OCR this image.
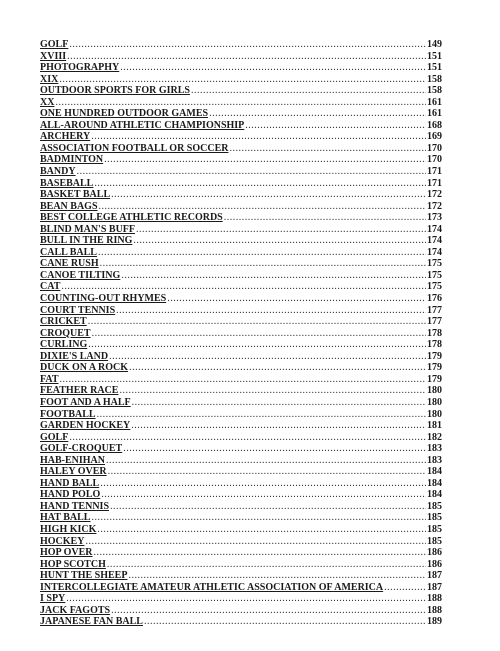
GOLF .....	149
XVIII .....	151
PHOTOGRAPHY .....	151
XIX .....	158
OUTDOOR SPORTS FOR GIRLS .....	158
XX .....	161
ONE HUNDRED OUTDOOR GAMES .....	161
ALL-AROUND ATHLETIC CHAMPIONSHIP .....	168
ARCHERY .....	169
ASSOCIATION FOOTBALL OR SOCCER .....	170
BADMINTON .....	170
BANDY .....	171
BASEBALL .....	171
BASKET BALL .....	172
BEAN BAGS .....	172
BEST COLLEGE ATHLETIC RECORDS .....	173
BLIND MAN'S BUFF .....	174
BULL IN THE RING .....	174
CALL BALL .....	174
CANE RUSH .....	175
CANOE TILTING .....	175
CAT .....	175
COUNTING-OUT RHYMES .....	176
COURT TENNIS .....	177
CRICKET .....	177
CROQUET .....	178
CURLING .....	178
DIXIE'S LAND .....	179
DUCK ON A ROCK .....	179
FAT .....	179
FEATHER RACE .....	180
FOOT AND A HALF .....	180
FOOTBALL .....	180
GARDEN HOCKEY .....	181
GOLF .....	182
GOLF-CROQUET .....	183
HAB-ENIHAN .....	183
HALEY OVER .....	184
HAND BALL .....	184
HAND POLO .....	184
HAND TENNIS .....	185
HAT BALL .....	185
HIGH KICK .....	185
HOCKEY .....	185
HOP OVER .....	186
HOP SCOTCH .....	186
HUNT THE SHEEP .....	187
INTERCOLLEGIATE AMATEUR ATHLETIC ASSOCIATION OF AMERICA .....	187
I SPY .....	188
JACK FAGOTS .....	188
JAPANESE FAN BALL .....	189
